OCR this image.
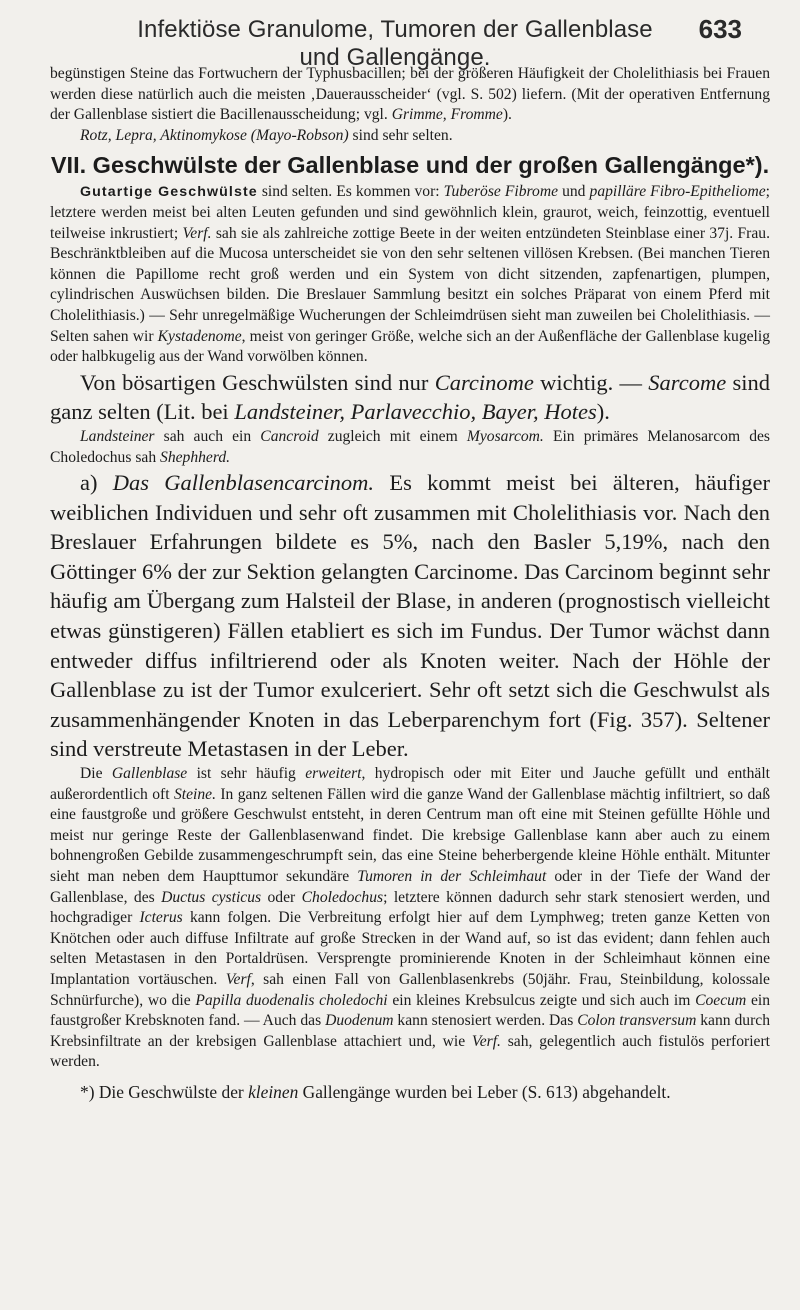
Infektiöse Granulome, Tumoren der Gallenblase und Gallengänge.
633

begünstigen Steine das Fortwuchern der Typhusbacillen; bei der größeren Häufigkeit der Cholelithiasis bei Frauen werden diese natürlich auch die meisten ‚Dauerausscheider‘ (vgl. S. 502) liefern. (Mit der operativen Entfernung der Gallenblase sistiert die Bacillenausscheidung; vgl. Grimme, Fromme).

Rotz, Lepra, Aktinomykose (Mayo-Robson) sind sehr selten.

VII. Geschwülste der Gallenblase und der großen Gallengänge*).

Gutartige Geschwülste sind selten. Es kommen vor: Tuberöse Fibrome und papilläre Fibro-Epitheliome; letztere werden meist bei alten Leuten gefunden und sind gewöhnlich klein, graurot, weich, feinzottig, eventuell teilweise inkrustiert; Verf. sah sie als zahlreiche zottige Beete in der weiten entzündeten Steinblase einer 37j. Frau. Beschränktbleiben auf die Mucosa unterscheidet sie von den sehr seltenen villösen Krebsen. (Bei manchen Tieren können die Papillome recht groß werden und ein System von dicht sitzenden, zapfenartigen, plumpen, cylindrischen Auswüchsen bilden. Die Breslauer Sammlung besitzt ein solches Präparat von einem Pferd mit Cholelithiasis.) — Sehr unregelmäßige Wucherungen der Schleimdrüsen sieht man zuweilen bei Cholelithiasis. — Selten sahen wir Kystadenome, meist von geringer Größe, welche sich an der Außenfläche der Gallenblase kugelig oder halbkugelig aus der Wand vorwölben können.

Von bösartigen Geschwülsten sind nur Carcinome wichtig. — Sarcome sind ganz selten (Lit. bei Landsteiner, Parlavecchio, Bayer, Hotes).

Landsteiner sah auch ein Cancroid zugleich mit einem Myosarcom. Ein primäres Melanosarcom des Choledochus sah Shephherd.

a) Das Gallenblasencarcinom. Es kommt meist bei älteren, häufiger weiblichen Individuen und sehr oft zusammen mit Cholelithiasis vor. Nach den Breslauer Erfahrungen bildete es 5%, nach den Basler 5,19%, nach den Göttinger 6% der zur Sektion gelangten Carcinome. Das Carcinom beginnt sehr häufig am Übergang zum Halsteil der Blase, in anderen (prognostisch vielleicht etwas günstigeren) Fällen etabliert es sich im Fundus. Der Tumor wächst dann entweder diffus infiltrierend oder als Knoten weiter. Nach der Höhle der Gallenblase zu ist der Tumor exulceriert. Sehr oft setzt sich die Geschwulst als zusammenhängender Knoten in das Leberparenchym fort (Fig. 357). Seltener sind verstreute Metastasen in der Leber.

Die Gallenblase ist sehr häufig erweitert, hydropisch oder mit Eiter und Jauche gefüllt und enthält außerordentlich oft Steine. In ganz seltenen Fällen wird die ganze Wand der Gallenblase mächtig infiltriert, so daß eine faustgroße und größere Geschwulst entsteht, in deren Centrum man oft eine mit Steinen gefüllte Höhle und meist nur geringe Reste der Gallenblasenwand findet. Die krebsige Gallenblase kann aber auch zu einem bohnengroßen Gebilde zusammengeschrumpft sein, das eine Steine beherbergende kleine Höhle enthält. Mitunter sieht man neben dem Haupttumor sekundäre Tumoren in der Schleimhaut oder in der Tiefe der Wand der Gallenblase, des Ductus cysticus oder Choledochus; letztere können dadurch sehr stark stenosiert werden, und hochgradiger Icterus kann folgen. Die Verbreitung erfolgt hier auf dem Lymphweg; treten ganze Ketten von Knötchen oder auch diffuse Infiltrate auf große Strecken in der Wand auf, so ist das evident; dann fehlen auch selten Metastasen in den Portaldrüsen. Versprengte prominierende Knoten in der Schleimhaut können eine Implantation vortäuschen. Verf, sah einen Fall von Gallenblasenkrebs (50jähr. Frau, Steinbildung, kolossale Schnürfurche), wo die Papilla duodenalis choledochi ein kleines Krebsulcus zeigte und sich auch im Coecum ein faustgroßer Krebsknoten fand. — Auch das Duodenum kann stenosiert werden. Das Colon transversum kann durch Krebsinfiltrate an der krebsigen Gallenblase attachiert und, wie Verf. sah, gelegentlich auch fistulös perforiert werden.

*) Die Geschwülste der kleinen Gallengänge wurden bei Leber (S. 613) abgehandelt.
